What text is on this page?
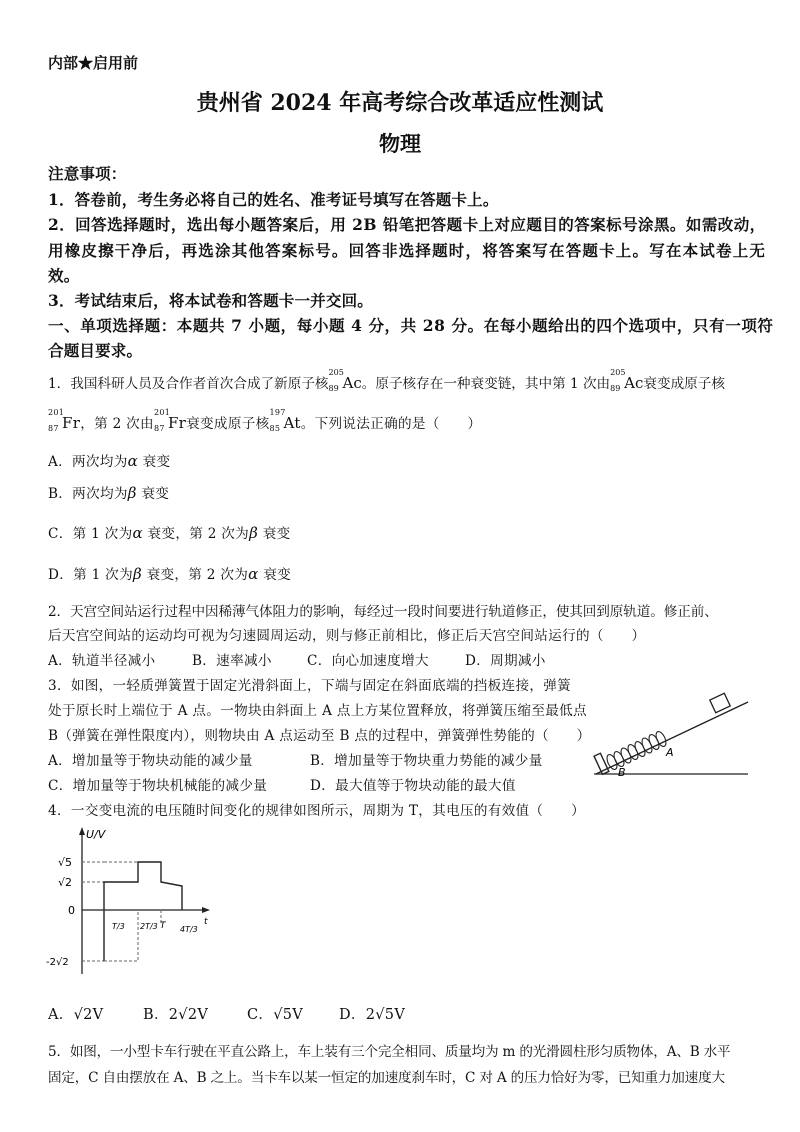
内部★启用前
贵州省 2024 年高考综合改革适应性测试
物理
注意事项：
1．答卷前，考生务必将自己的姓名、准考证号填写在答题卡上。
2．回答选择题时，选出每小题答案后，用 2B 铅笔把答题卡上对应题目的答案标号涂黑。如需改动，
用橡皮擦干净后，再选涂其他答案标号。回答非选择题时，将答案写在答题卡上。写在本试卷上无
效。
3．考试结束后，将本试卷和答题卡一并交回。
一、单项选择题：本题共 7 小题，每小题 4 分，共 28 分。在每小题给出的四个选项中，只有一项符
合题目要求。
1．我国科研人员及合作者首次合成了新原子核
205
89 Ac。原子核存在一种衰变链，其中第 1 次由
205
89 Ac衰变成原子核
201
87 Fr，第 2 次由
201
87 Fr衰变成原子核
197
85 At。下列说法正确的是（　　）
A．两次均为α 衰变
B．两次均为β 衰变
C．第 1 次为α 衰变，第 2 次为β 衰变
D．第 1 次为β 衰变，第 2 次为α 衰变
2．天宫空间站运行过程中因稀薄气体阻力的影响，每经过一段时间要进行轨道修正，使其回到原轨道。修正前、
后天宫空间站的运动均可视为匀速圆周运动，则与修正前相比，修正后天宫空间站运行的（　　）
A．轨道半径减小	B．速率减小	C．向心加速度增大	D．周期减小
3．如图，一轻质弹簧置于固定光滑斜面上，下端与固定在斜面底端的挡板连接，弹簧
处于原长时上端位于 A 点。一物块由斜面上 A 点上方某位置释放，将弹簧压缩至最低点
B（弹簧在弹性限度内），则物块由 A 点运动至 B 点的过程中，弹簧弹性势能的（　　）
A．增加量等于物块动能的减少量	B．增加量等于物块重力势能的减少量
C．增加量等于物块机械能的减少量	D．最大值等于物块动能的最大值
A
B
4．一交变电流的电压随时间变化的规律如图所示，周期为 T，其电压的有效值（　　）
U/V
√5
√2
0
-2√2
T/3 2T/3 T 4T/3
t
A．√2V	B．2√2V	C．√5V D．2√5V
5．如图，一小型卡车行驶在平直公路上，车上装有三个完全相同、质量均为 m 的光滑圆柱形匀质物体，A、B 水平
固定，C 自由摆放在 A、B 之上。当卡车以某一恒定的加速度刹车时，C 对 A 的压力恰好为零，已知重力加速度大
